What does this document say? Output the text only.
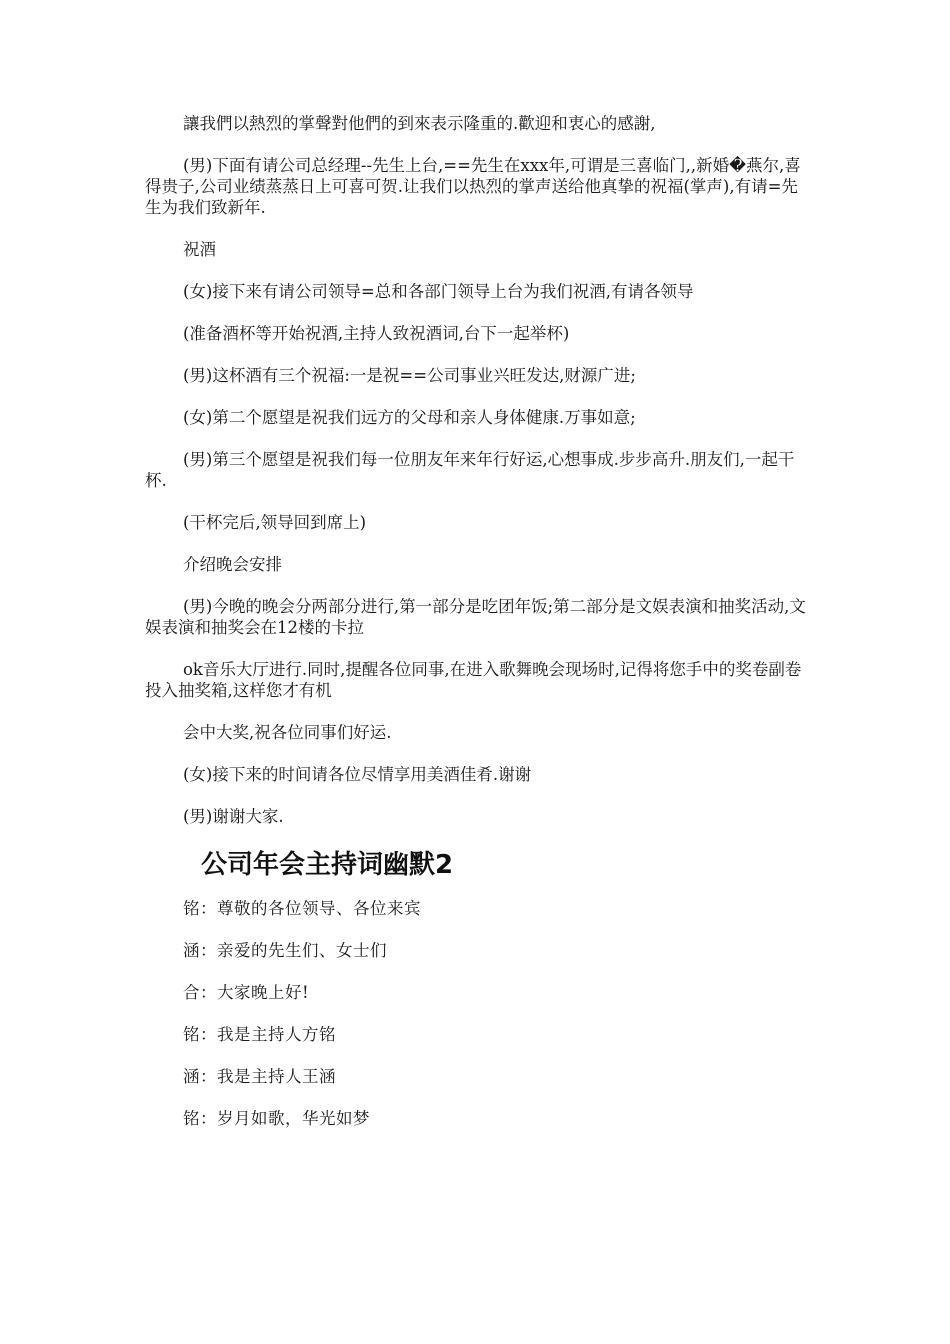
讓我們以熱烈的掌聲對他們的到來表示隆重的.歡迎和衷心的感謝,

(男)下面有请公司总经理--先生上台,==先生在xxx年,可谓是三喜临门,,新婚�燕尔,喜得贵子,公司业绩蒸蒸日上可喜可贺.让我们以热烈的掌声送给他真挚的祝福(掌声),有请=先生为我们致新年.

祝酒

(女)接下来有请公司领导=总和各部门领导上台为我们祝酒,有请各领导

(准备酒杯等开始祝酒,主持人致祝酒词,台下一起举杯)

(男)这杯酒有三个祝福:一是祝==公司事业兴旺发达,财源广进;

(女)第二个愿望是祝我们远方的父母和亲人身体健康.万事如意;

(男)第三个愿望是祝我们每一位朋友年来年行好运,心想事成.步步高升.朋友们,一起干杯.

(干杯完后,领导回到席上)

介绍晚会安排

(男)今晚的晚会分两部分进行,第一部分是吃团年饭;第二部分是文娱表演和抽奖活动,文娱表演和抽奖会在12楼的卡拉

ok音乐大厅进行.同时,提醒各位同事,在进入歌舞晚会现场时,记得将您手中的奖卷副卷投入抽奖箱,这样您才有机

会中大奖,祝各位同事们好运.

(女)接下来的时间请各位尽情享用美酒佳肴.谢谢

(男)谢谢大家.

公司年会主持词幽默2

铭：尊敬的各位领导、各位来宾

涵：亲爱的先生们、女士们

合：大家晚上好!

铭：我是主持人方铭

涵：我是主持人王涵

铭：岁月如歌，华光如梦
